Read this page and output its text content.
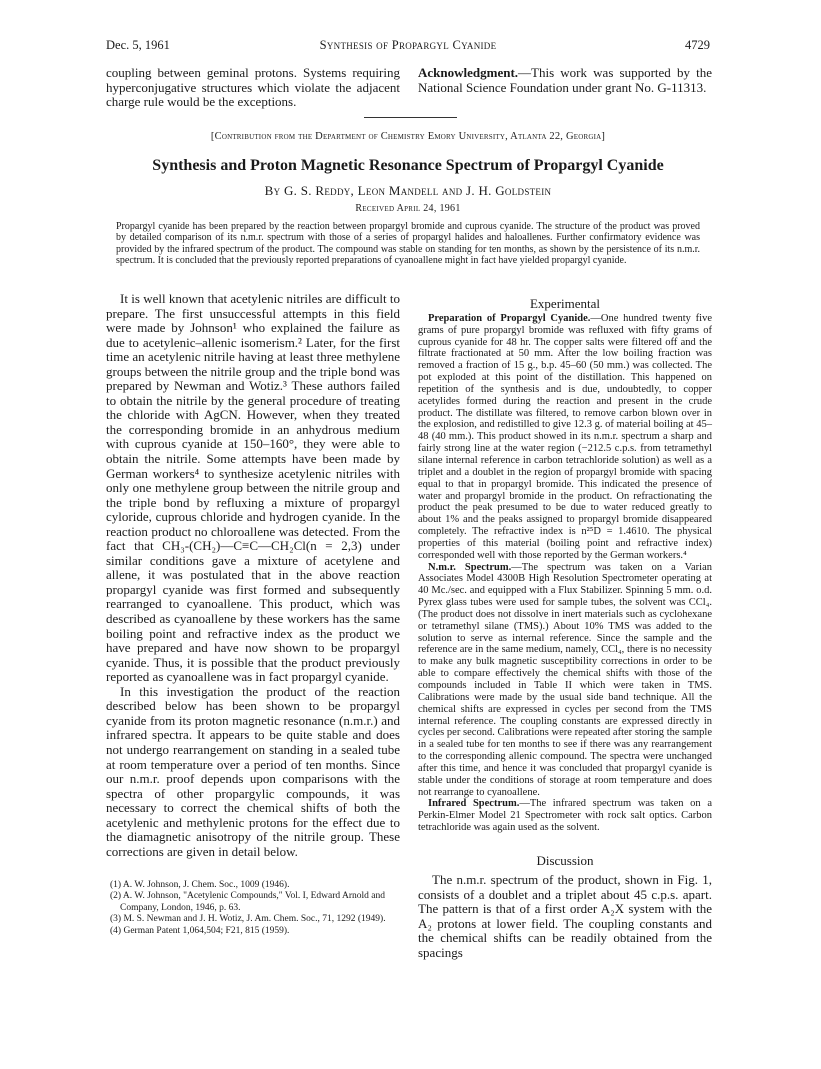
Dec. 5, 1961	Synthesis of Propargyl Cyanide	4729
coupling between geminal protons. Systems requiring hyperconjugative structures which violate the adjacent charge rule would be the exceptions.
Acknowledgment.—This work was supported by the National Science Foundation under grant No. G-11313.
[Contribution from the Department of Chemistry Emory University, Atlanta 22, Georgia]
Synthesis and Proton Magnetic Resonance Spectrum of Propargyl Cyanide
By G. S. Reddy, Leon Mandell and J. H. Goldstein
Received April 24, 1961
Propargyl cyanide has been prepared by the reaction between propargyl bromide and cuprous cyanide. The structure of the product was proved by detailed comparison of its n.m.r. spectrum with those of a series of propargyl halides and haloallenes. Further confirmatory evidence was provided by the infrared spectrum of the product. The compound was stable on standing for ten months, as shown by the persistence of its n.m.r. spectrum. It is concluded that the previously reported preparations of cyanoallene might in fact have yielded propargyl cyanide.

It is well known that acetylenic nitriles are difficult to prepare. The first unsuccessful attempts in this field were made by Johnson¹ who explained the failure as due to acetylenic–allenic isomerism.² Later, for the first time an acetylenic nitrile having at least three methylene groups between the nitrile group and the triple bond was prepared by Newman and Wotiz.³ These authors failed to obtain the nitrile by the general procedure of treating the chloride with AgCN. However, when they treated the corresponding bromide in an anhydrous medium with cuprous cyanide at 150–160°, they were able to obtain the nitrile. Some attempts have been made by German workers⁴ to synthesize acetylenic nitriles with only one methylene group between the nitrile group and the triple bond by refluxing a mixture of propargyl cyloride, cuprous chloride and hydrogen cyanide. In the reaction product no chloroallene was detected. From the fact that CH₃-(CH₂)—C≡C—CH₂Cl(n = 2,3) under similar conditions gave a mixture of acetylene and allene, it was postulated that in the above reaction propargyl cyanide was first formed and subsequently rearranged to cyanoallene. This product, which was described as cyanoallene by these workers has the same boiling point and refractive index as the product we have prepared and have now shown to be propargyl cyanide. Thus, it is possible that the product previously reported as cyanoallene was in fact propargyl cyanide.

In this investigation the product of the reaction described below has been shown to be propargyl cyanide from its proton magnetic resonance (n.m.r.) and infrared spectra. It appears to be quite stable and does not undergo rearrangement on standing in a sealed tube at room temperature over a period of ten months. Since our n.m.r. proof depends upon comparisons with the spectra of other propargylic compounds, it was necessary to correct the chemical shifts of both the acetylenic and methylenic protons for the effect due to the diamagnetic anisotropy of the nitrile group. These corrections are given in detail below.

(1) A. W. Johnson, J. Chem. Soc., 1009 (1946).
(2) A. W. Johnson, "Acetylenic Compounds," Vol. I, Edward Arnold and Company, London, 1946, p. 63.
(3) M. S. Newman and J. H. Wotiz, J. Am. Chem. Soc., 71, 1292 (1949).
(4) German Patent 1,064,504; F21, 815 (1959).
Experimental

Preparation of Propargyl Cyanide.—One hundred twenty five grams of pure propargyl bromide was refluxed with fifty grams of cuprous cyanide for 48 hr. The copper salts were filtered off and the filtrate fractionated at 50 mm. After the low boiling fraction was removed a fraction of 15 g., b.p. 45–60 (50 mm.) was collected. The pot exploded at this point of the distillation. This happened on repetition of the synthesis and is due, undoubtedly, to copper acetylides formed during the reaction and present in the crude product. The distillate was filtered, to remove carbon blown over in the explosion, and redistilled to give 12.3 g. of material boiling at 45–48 (40 mm.). This product showed in its n.m.r. spectrum a sharp and fairly strong line at the water region (−212.5 c.p.s. from tetramethyl silane internal reference in carbon tetrachloride solution) as well as a triplet and a doublet in the region of propargyl bromide with spacing equal to that in propargyl bromide. This indicated the presence of water and propargyl bromide in the product. On refractionating the product the peak presumed to be due to water reduced greatly to about 1% and the peaks assigned to propargyl bromide disappeared completely. The refractive index is n²⁵D = 1.4610. The physical properties of this material (boiling point and refractive index) corresponded well with those reported by the German workers.⁴

N.m.r. Spectrum.—The spectrum was taken on a Varian Associates Model 4300B High Resolution Spectrometer operating at 40 Mc./sec. and equipped with a Flux Stabilizer. Spinning 5 mm. o.d. Pyrex glass tubes were used for sample tubes, the solvent was CCl₄. (The product does not dissolve in inert materials such as cyclohexane or tetramethyl silane (TMS).) About 10% TMS was added to the solution to serve as internal reference. Since the sample and the reference are in the same medium, namely, CCl₄, there is no necessity to make any bulk magnetic susceptibility corrections in order to be able to compare effectively the chemical shifts with those of the compounds included in Table II which were taken in TMS. Calibrations were made by the usual side band technique. All the chemical shifts are expressed in cycles per second from the TMS internal reference. The coupling constants are expressed directly in cycles per second. Calibrations were repeated after storing the sample in a sealed tube for ten months to see if there was any rearrangement to the corresponding allenic compound. The spectra were unchanged after this time, and hence it was concluded that propargyl cyanide is stable under the conditions of storage at room temperature and does not rearrange to cyanoallene.

Infrared Spectrum.—The infrared spectrum was taken on a Perkin-Elmer Model 21 Spectrometer with rock salt optics. Carbon tetrachloride was again used as the solvent.

Discussion

The n.m.r. spectrum of the product, shown in Fig. 1, consists of a doublet and a triplet about 45 c.p.s. apart. The pattern is that of a first order A₂X system with the A₂ protons at lower field. The coupling constants and the chemical shifts can be readily obtained from the spacings
